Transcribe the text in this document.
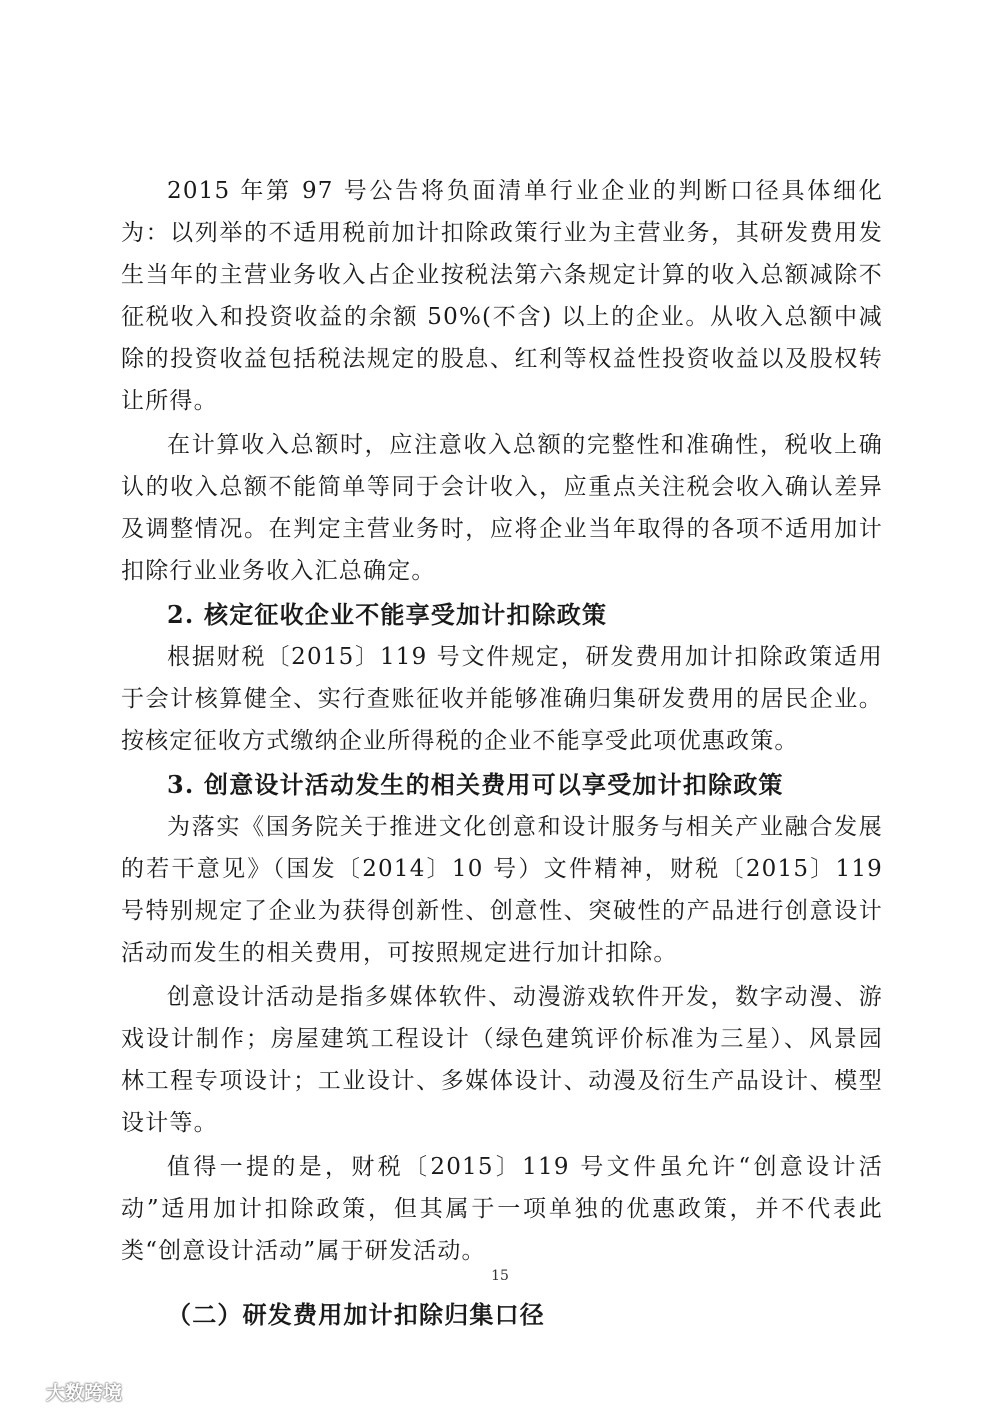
2015 年第 97 号公告将负面清单行业企业的判断口径具体细化为：以列举的不适用税前加计扣除政策行业为主营业务，其研发费用发生当年的主营业务收入占企业按税法第六条规定计算的收入总额减除不征税收入和投资收益的余额 50%(不含) 以上的企业。从收入总额中减除的投资收益包括税法规定的股息、红利等权益性投资收益以及股权转让所得。

在计算收入总额时，应注意收入总额的完整性和准确性，税收上确认的收入总额不能简单等同于会计收入，应重点关注税会收入确认差异及调整情况。在判定主营业务时，应将企业当年取得的各项不适用加计扣除行业业务收入汇总确定。

2. 核定征收企业不能享受加计扣除政策

根据财税〔2015〕119 号文件规定，研发费用加计扣除政策适用于会计核算健全、实行查账征收并能够准确归集研发费用的居民企业。按核定征收方式缴纳企业所得税的企业不能享受此项优惠政策。

3. 创意设计活动发生的相关费用可以享受加计扣除政策

为落实《国务院关于推进文化创意和设计服务与相关产业融合发展的若干意见》（国发〔2014〕10 号）文件精神，财税〔2015〕119 号特别规定了企业为获得创新性、创意性、突破性的产品进行创意设计活动而发生的相关费用，可按照规定进行加计扣除。

创意设计活动是指多媒体软件、动漫游戏软件开发，数字动漫、游戏设计制作；房屋建筑工程设计（绿色建筑评价标准为三星）、风景园林工程专项设计；工业设计、多媒体设计、动漫及衍生产品设计、模型设计等。

值得一提的是，财税〔2015〕119 号文件虽允许“创意设计活动”适用加计扣除政策，但其属于一项单独的优惠政策，并不代表此类“创意设计活动”属于研发活动。

（二）研发费用加计扣除归集口径

15
大数跨境
